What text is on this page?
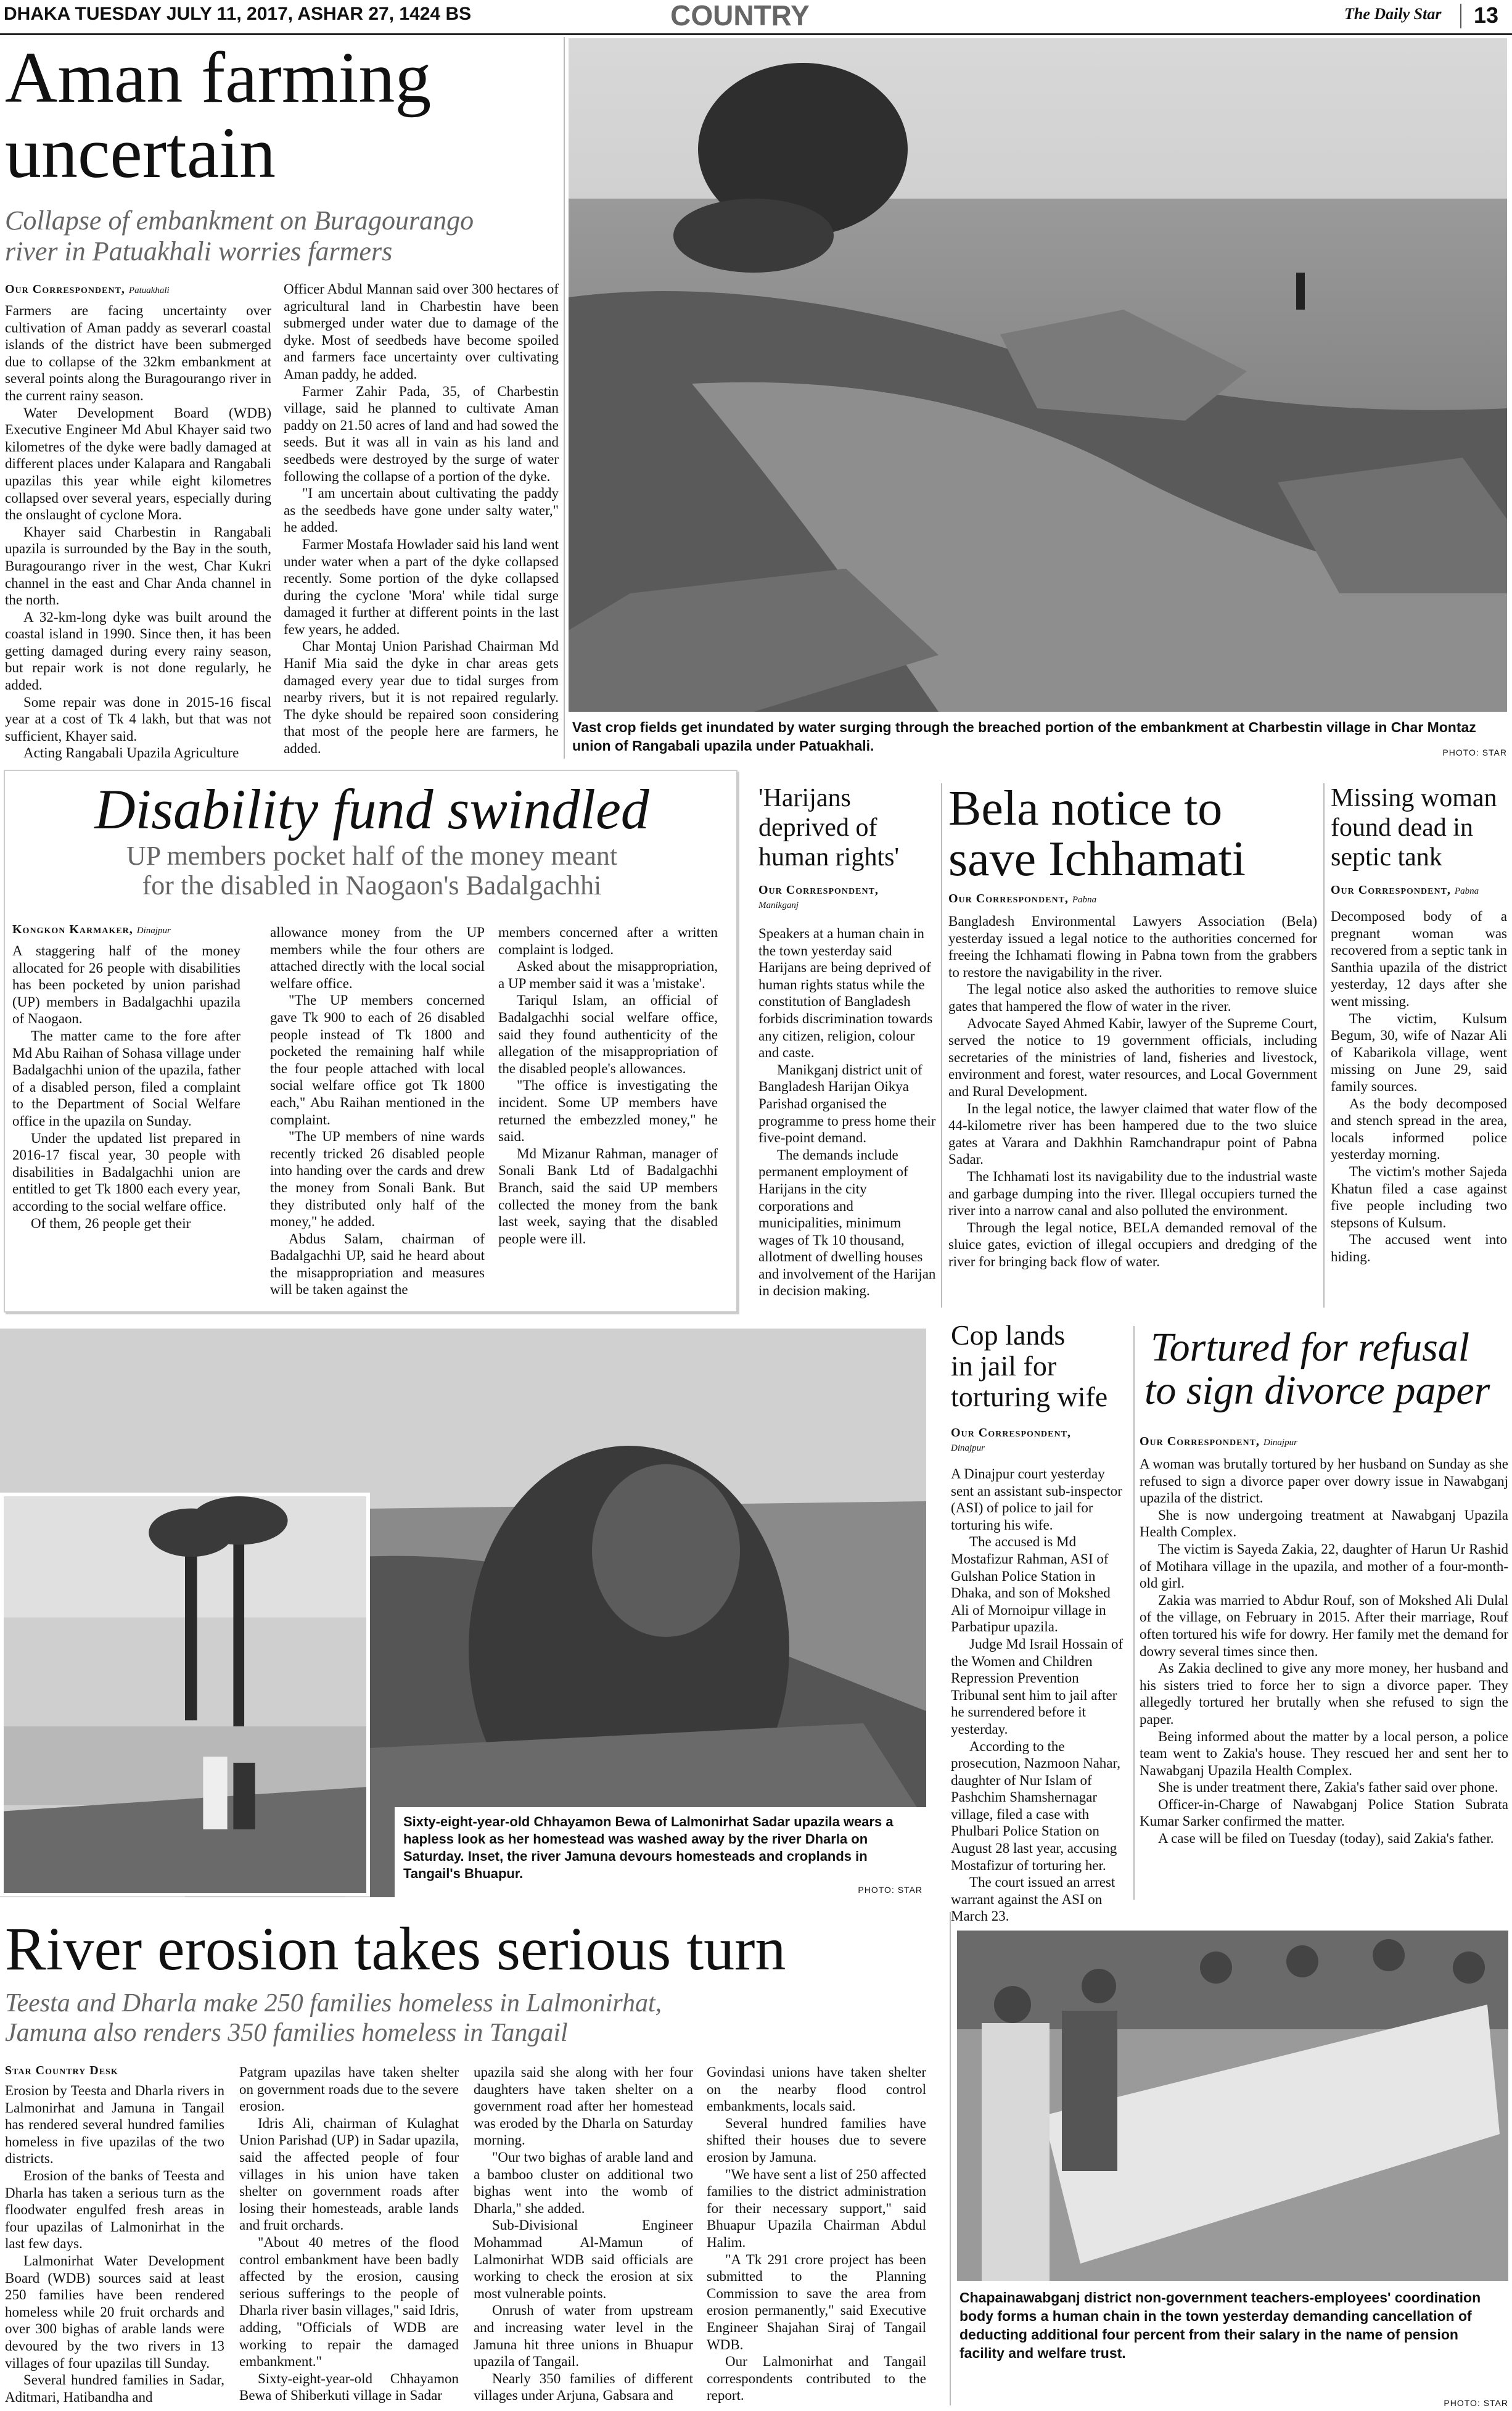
DHAKA TUESDAY JULY 11, 2017, ASHAR 27, 1424 BS	COUNTRY	The Daily Star 13
Aman farming
uncertain
Collapse of embankment on Buragourango
river in Patuakhali worries farmers
Our Correspondent, Patuakhali

Farmers are facing uncertainty over cultivation of Aman paddy as severarl coastal islands of the district have been submerged due to collapse of the 32km embankment at several points along the Buragourango river in the current rainy season.

Water Development Board (WDB) Executive Engineer Md Abul Khayer said two kilometres of the dyke were badly damaged at different places under Kalapara and Rangabali upazilas this year while eight kilometres collapsed over several years, especially during the onslaught of cyclone Mora.

Khayer said Charbestin in Rangabali upazila is surrounded by the Bay in the south, Buragourango river in the west, Char Kukri channel in the east and Char Anda channel in the north.

A 32-km-long dyke was built around the coastal island in 1990. Since then, it has been getting damaged during every rainy season, but repair work is not done regularly, he added.

Some repair was done in 2015-16 fiscal year at a cost of Tk 4 lakh, but that was not sufficient, Khayer said.

Acting Rangabali Upazila Agriculture

Officer Abdul Mannan said over 300 hectares of agricultural land in Charbestin have been submerged under water due to damage of the dyke. Most of seedbeds have become spoiled and farmers face uncertainty over cultivating Aman paddy, he added.

Farmer Zahir Pada, 35, of Charbestin village, said he planned to cultivate Aman paddy on 21.50 acres of land and had sowed the seeds. But it was all in vain as his land and seedbeds were destroyed by the surge of water following the collapse of a portion of the dyke.

"I am uncertain about cultivating the paddy as the seedbeds have gone under salty water," he added.

Farmer Mostafa Howlader said his land went under water when a part of the dyke collapsed recently. Some portion of the dyke collapsed during the cyclone 'Mora' while tidal surge damaged it further at different points in the last few years, he added.

Char Montaj Union Parishad Chairman Md Hanif Mia said the dyke in char areas gets damaged every year due to tidal surges from nearby rivers, but it is not repaired regularly. The dyke should be repaired soon considering that most of the people here are farmers, he added.

Vast crop fields get inundated by water surging through the breached portion of the embankment at Charbestin village in Char Montaz union of Rangabali upazila under Patuakhali.	PHOTO: STAR
Disability fund swindled
UP members pocket half of the money meant
for the disabled in Naogaon's Badalgachhi
Kongkon Karmaker, Dinajpur

A staggering half of the money allocated for 26 people with disabilities has been pocketed by union parishad (UP) members in Badalgachhi upazila of Naogaon.

The matter came to the fore after Md Abu Raihan of Sohasa village under Badalgachhi union of the upazila, father of a disabled person, filed a complaint to the Department of Social Welfare office in the upazila on Sunday.

Under the updated list prepared in 2016-17 fiscal year, 30 people with disabilities in Badalgachhi union are entitled to get Tk 1800 each every year, according to the social welfare office.

Of them, 26 people get their

allowance money from the UP members while the four others are attached directly with the local social welfare office.

"The UP members concerned gave Tk 900 to each of 26 disabled people instead of Tk 1800 and pocketed the remaining half while the four people attached with local social welfare office got Tk 1800 each," Abu Raihan mentioned in the complaint.

"The UP members of nine wards recently tricked 26 disabled people into handing over the cards and drew the money from Sonali Bank. But they distributed only half of the money," he added.

Abdus Salam, chairman of Badalgachhi UP, said he heard about the misappropriation and measures will be taken against the

members concerned after a written complaint is lodged.

Asked about the misappropriation, a UP member said it was a 'mistake'.

Tariqul Islam, an official of Badalgachhi social welfare office, said they found authenticity of the allegation of the misappropriation of the disabled people's allowances.

"The office is investigating the incident. Some UP members have returned the embezzled money," he said.

Md Mizanur Rahman, manager of Sonali Bank Ltd of Badalgachhi Branch, said the said UP members collected the money from the bank last week, saying that the disabled people were ill.

'Harijans
deprived of
human rights'
Our Correspondent,
Manikganj

Speakers at a human chain in the town yesterday said Harijans are being deprived of human rights status while the constitution of Bangladesh forbids discrimination towards any citizen, religion, colour and caste.

Manikganj district unit of Bangladesh Harijan Oikya Parishad organised the programme to press home their five-point demand.

The demands include permanent employment of Harijans in the city corporations and municipalities, minimum wages of Tk 10 thousand, allotment of dwelling houses and involvement of the Harijan in decision making.

Bela notice to
save Ichhamati
Our Correspondent, Pabna

Bangladesh Environmental Lawyers Association (Bela) yesterday issued a legal notice to the authorities concerned for freeing the Ichhamati flowing in Pabna town from the grabbers to restore the navigability in the river.

The legal notice also asked the authorities to remove sluice gates that hampered the flow of water in the river.

Advocate Sayed Ahmed Kabir, lawyer of the Supreme Court, served the notice to 19 government officials, including secretaries of the ministries of land, fisheries and livestock, environment and forest, water resources, and Local Government and Rural Development.

In the legal notice, the lawyer claimed that water flow of the 44-kilometre river has been hampered due to the two sluice gates at Varara and Dakhhin Ramchandrapur point of Pabna Sadar.

The Ichhamati lost its navigability due to the industrial waste and garbage dumping into the river. Illegal occupiers turned the river into a narrow canal and also polluted the environment.

Through the legal notice, BELA demanded removal of the sluice gates, eviction of illegal occupiers and dredging of the river for bringing back flow of water.

Missing woman
found dead in
septic tank
Our Correspondent, Pabna

Decomposed body of a pregnant woman was recovered from a septic tank in Santhia upazila of the district yesterday, 12 days after she went missing.

The victim, Kulsum Begum, 30, wife of Nazar Ali of Kabarikola village, went missing on June 29, said family sources.

As the body decomposed and stench spread in the area, locals informed police yesterday morning.

The victim's mother Sajeda Khatun filed a case against five people including two stepsons of Kulsum.

The accused went into hiding.

Sixty-eight-year-old Chhayamon Bewa of Lalmonirhat Sadar upazila wears a hapless look as her homestead was washed away by the river Dharla on Saturday. Inset, the river Jamuna devours homesteads and croplands in Tangail's Bhuapur.
PHOTO: STAR
Cop lands
in jail for
torturing wife
Our Correspondent,
Dinajpur

A Dinajpur court yesterday sent an assistant sub-inspector (ASI) of police to jail for torturing his wife.

The accused is Md Mostafizur Rahman, ASI of Gulshan Police Station in Dhaka, and son of Mokshed Ali of Mornoipur village in Parbatipur upazila.

Judge Md Israil Hossain of the Women and Children Repression Prevention Tribunal sent him to jail after he surrendered before it yesterday.

According to the prosecution, Nazmoon Nahar, daughter of Nur Islam of Pashchim Shamshernagar village, filed a case with Phulbari Police Station on August 28 last year, accusing Mostafizur of torturing her.

The court issued an arrest warrant against the ASI on March 23.

Tortured for refusal
to sign divorce paper
Our Correspondent, Dinajpur

A woman was brutally tortured by her husband on Sunday as she refused to sign a divorce paper over dowry issue in Nawabganj upazila of the district.

She is now undergoing treatment at Nawabganj Upazila Health Complex.

The victim is Sayeda Zakia, 22, daughter of Harun Ur Rashid of Motihara village in the upazila, and mother of a four-month-old girl.

Zakia was married to Abdur Rouf, son of Mokshed Ali Dulal of the village, on February in 2015. After their marriage, Rouf often tortured his wife for dowry. Her family met the demand for dowry several times since then.

As Zakia declined to give any more money, her husband and his sisters tried to force her to sign a divorce paper. They allegedly tortured her brutally when she refused to sign the paper.

Being informed about the matter by a local person, a police team went to Zakia's house. They rescued her and sent her to Nawabganj Upazila Health Complex.

She is under treatment there, Zakia's father said over phone.

Officer-in-Charge of Nawabganj Police Station Subrata Kumar Sarker confirmed the matter.

A case will be filed on Tuesday (today), said Zakia's father.

River erosion takes serious turn
Teesta and Dharla make 250 families homeless in Lalmonirhat,
Jamuna also renders 350 families homeless in Tangail
Star Country Desk

Erosion by Teesta and Dharla rivers in Lalmonirhat and Jamuna in Tangail has rendered several hundred families homeless in five upazilas of the two districts.

Erosion of the banks of Teesta and Dharla has taken a serious turn as the floodwater engulfed fresh areas in four upazilas of Lalmonirhat in the last few days.

Lalmonirhat Water Development Board (WDB) sources said at least 250 families have been rendered homeless while 20 fruit orchards and over 300 bighas of arable lands were devoured by the two rivers in 13 villages of four upazilas till Sunday.

Several hundred families in Sadar, Aditmari, Hatibandha and

Patgram upazilas have taken shelter on government roads due to the severe erosion.

Idris Ali, chairman of Kulaghat Union Parishad (UP) in Sadar upazila, said the affected people of four villages in his union have taken shelter on government roads after losing their homesteads, arable lands and fruit orchards.

"About 40 metres of the flood control embankment have been badly affected by the erosion, causing serious sufferings to the people of Dharla river basin villages," said Idris, adding, "Officials of WDB are working to repair the damaged embankment."

Sixty-eight-year-old Chhayamon Bewa of Shiberkuti village in Sadar

upazila said she along with her four daughters have taken shelter on a government road after her homestead was eroded by the Dharla on Saturday morning.

"Our two bighas of arable land and a bamboo cluster on additional two bighas went into the womb of Dharla," she added.

Sub-Divisional Engineer Mohammad Al-Mamun of Lalmonirhat WDB said officials are working to check the erosion at six most vulnerable points.

Onrush of water from upstream and increasing water level in the Jamuna hit three unions in Bhuapur upazila of Tangail.

Nearly 350 families of different villages under Arjuna, Gabsara and

Govindasi unions have taken shelter on the nearby flood control embankments, locals said.

Several hundred families have shifted their houses due to severe erosion by Jamuna.

"We have sent a list of 250 affected families to the district administration for their necessary support," said Bhuapur Upazila Chairman Abdul Halim.

"A Tk 291 crore project has been submitted to the Planning Commission to save the area from erosion permanently," said Executive Engineer Shajahan Siraj of Tangail WDB.

Our Lalmonirhat and Tangail correspondents contributed to the report.

Chapainawabganj district non-government teachers-employees' coordination body forms a human chain in the town yesterday demanding cancellation of deducting additional four percent from their salary in the name of pension facility and welfare trust.
PHOTO: STAR
